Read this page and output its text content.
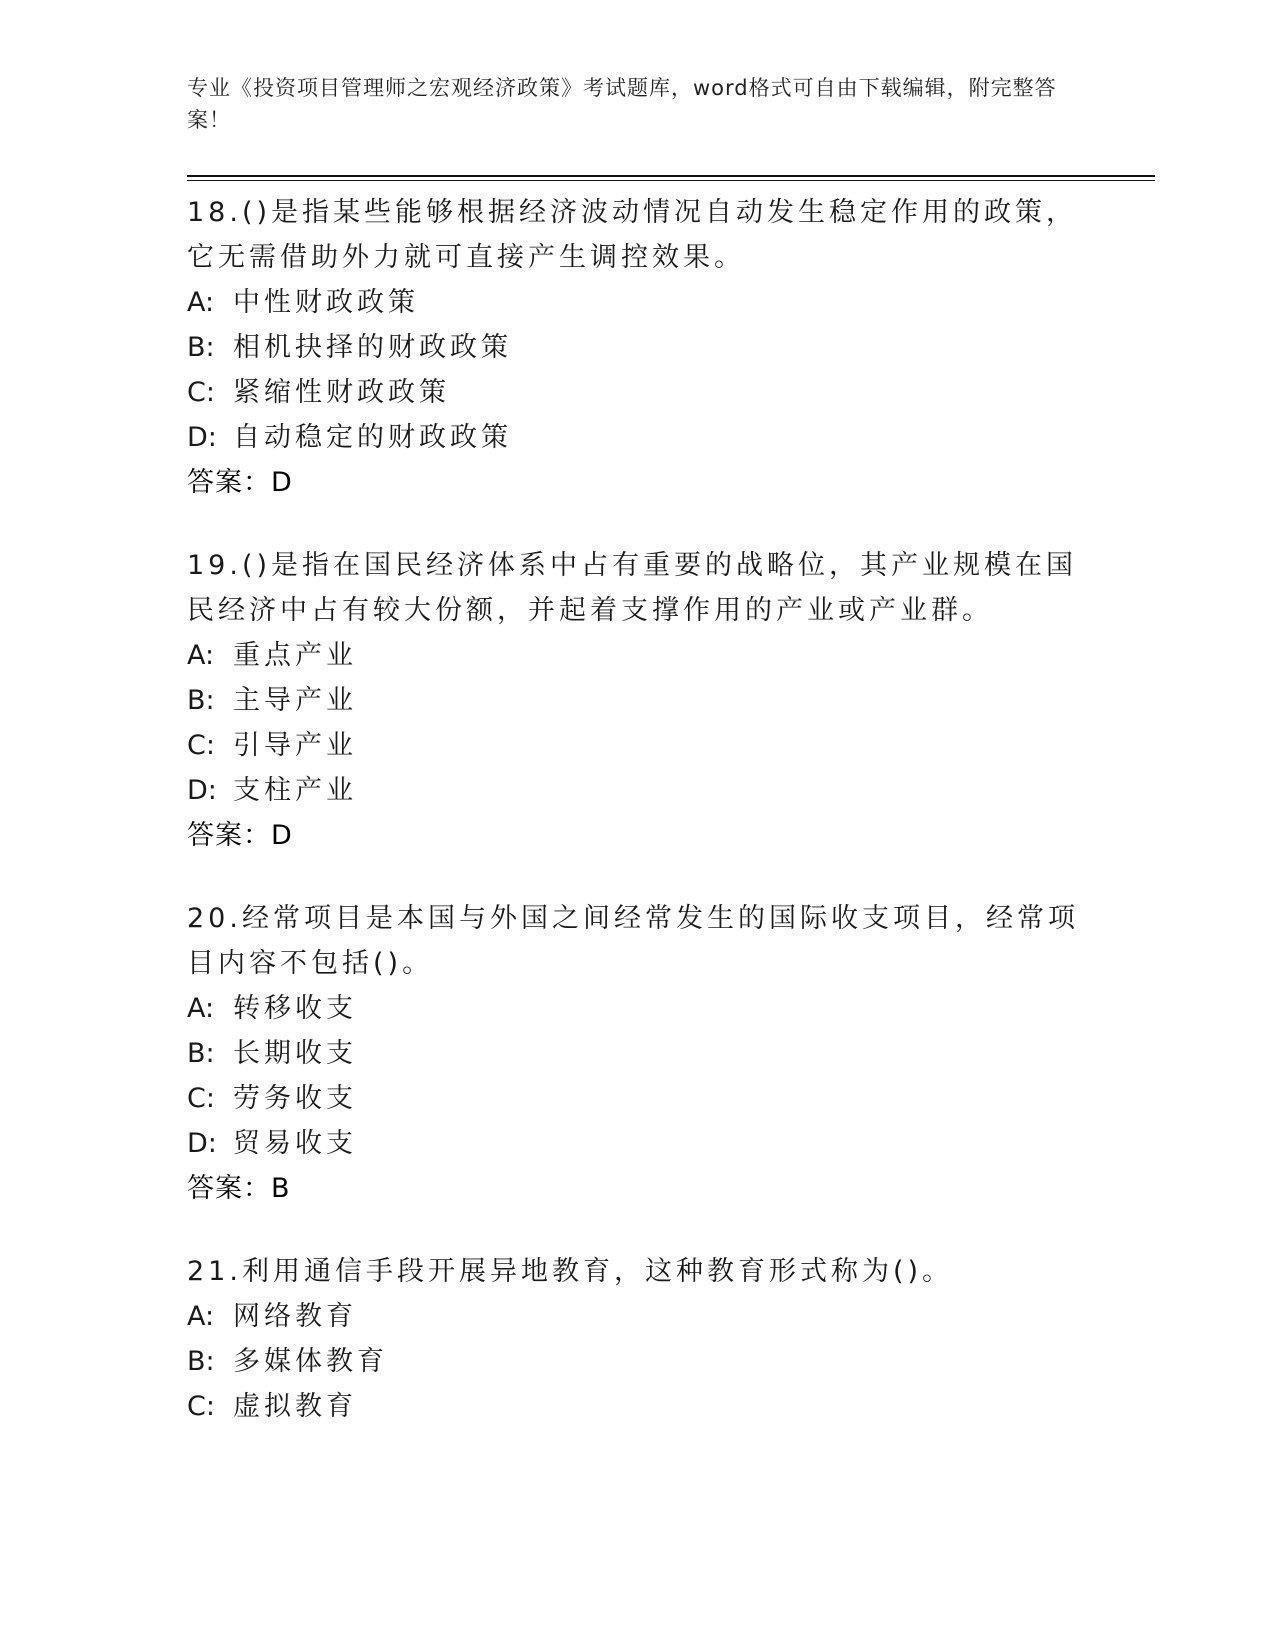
专业《投资项目管理师之宏观经济政策》考试题库，word格式可自由下载编辑，附完整答案！

18.()是指某些能够根据经济波动情况自动发生稳定作用的政策，它无需借助外力就可直接产生调控效果。

A: 中性财政政策
B: 相机抉择的财政政策
C: 紧缩性财政政策
D: 自动稳定的财政政策
答案：D

19.()是指在国民经济体系中占有重要的战略位，其产业规模在国民经济中占有较大份额，并起着支撑作用的产业或产业群。

A: 重点产业
B: 主导产业
C: 引导产业
D: 支柱产业
答案：D

20.经常项目是本国与外国之间经常发生的国际收支项目，经常项目内容不包括()。

A: 转移收支
B: 长期收支
C: 劳务收支
D: 贸易收支
答案：B

21.利用通信手段开展异地教育，这种教育形式称为()。

A: 网络教育
B: 多媒体教育
C: 虚拟教育
